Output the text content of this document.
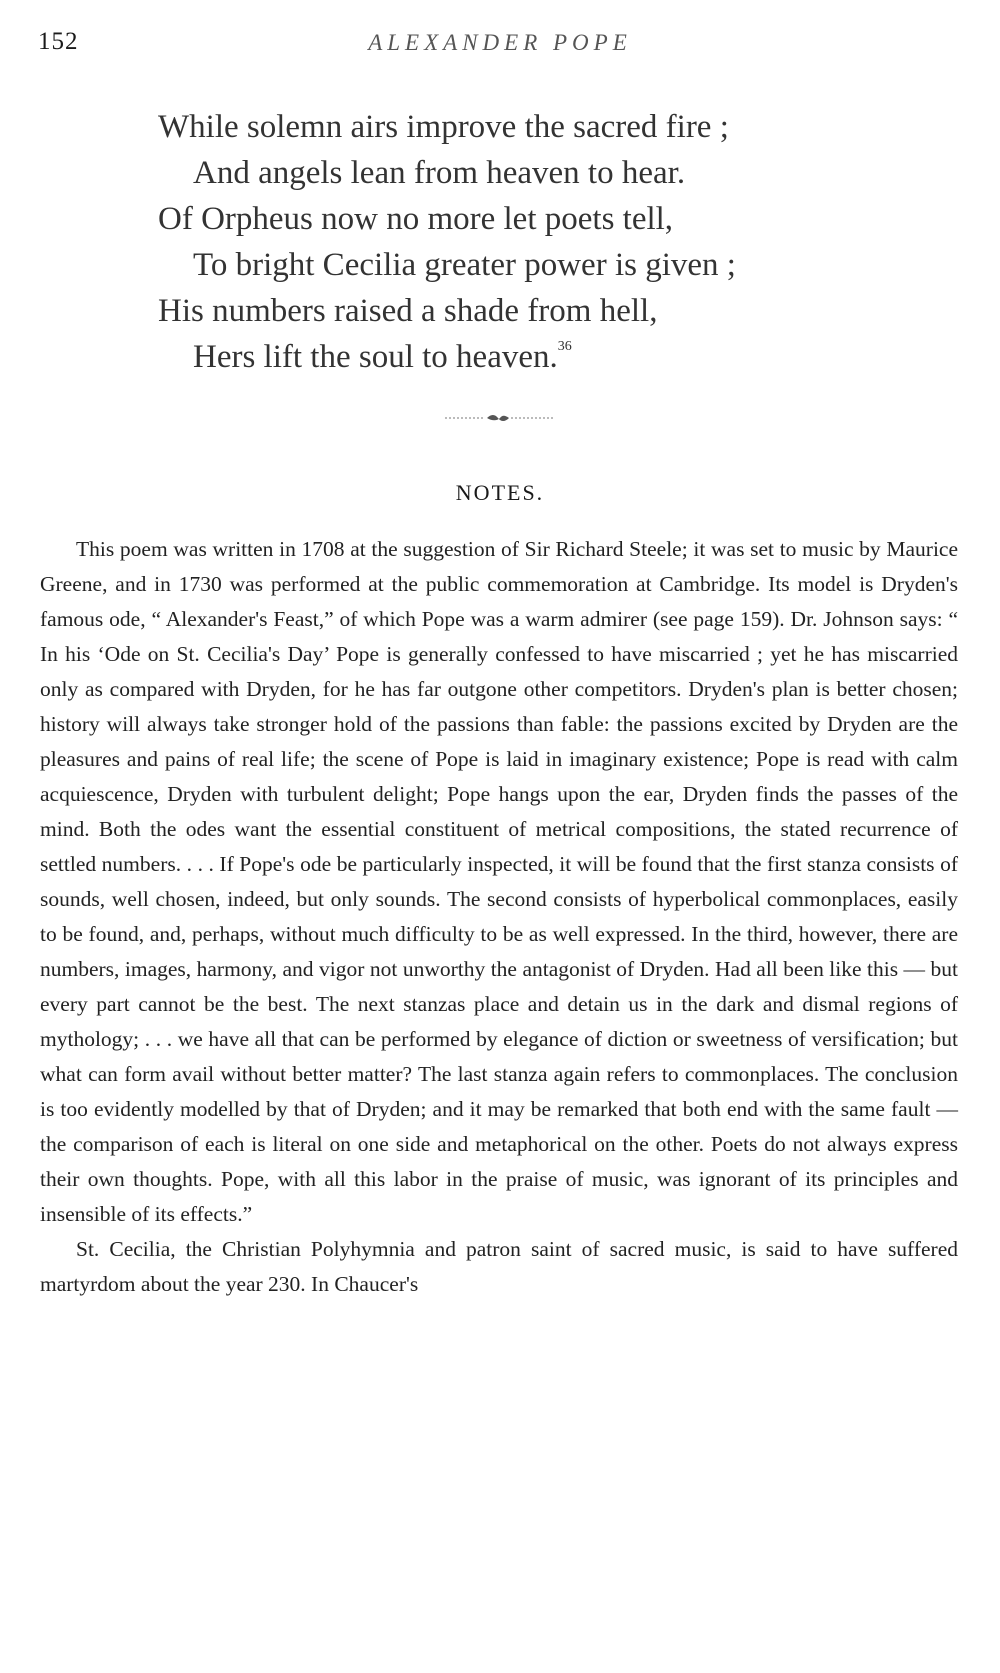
152	ALEXANDER POPE
While solemn airs improve the sacred fire ;
And angels lean from heaven to hear.
Of Orpheus now no more let poets tell,
To bright Cecilia greater power is given ;
His numbers raised a shade from hell,
Hers lift the soul to heaven.$^{36}$
NOTES.

This poem was written in 1708 at the suggestion of Sir Richard Steele; it was set to music by Maurice Greene, and in 1730 was performed at the public commemoration at Cambridge. Its model is Dryden's famous ode, “ Alexander's Feast,” of which Pope was a warm admirer (see page 159). Dr. Johnson says: “ In his ‘Ode on St. Cecilia's Day’ Pope is generally confessed to have miscarried ; yet he has miscarried only as compared with Dryden, for he has far outgone other competitors. Dryden's plan is better chosen; history will always take stronger hold of the passions than fable: the passions excited by Dryden are the pleasures and pains of real life; the scene of Pope is laid in imaginary existence; Pope is read with calm acquiescence, Dryden with turbulent delight; Pope hangs upon the ear, Dryden finds the passes of the mind. Both the odes want the essential constituent of metrical compositions, the stated recurrence of settled numbers. . . . If Pope's ode be particularly inspected, it will be found that the first stanza consists of sounds, well chosen, indeed, but only sounds. The second consists of hyperbolical commonplaces, easily to be found, and, perhaps, without much difficulty to be as well expressed. In the third, however, there are numbers, images, harmony, and vigor not unworthy the antagonist of Dryden. Had all been like this — but every part cannot be the best. The next stanzas place and detain us in the dark and dismal regions of mythology; . . . we have all that can be performed by elegance of diction or sweetness of versification; but what can form avail without better matter? The last stanza again refers to commonplaces. The conclusion is too evidently modelled by that of Dryden; and it may be remarked that both end with the same fault — the comparison of each is literal on one side and metaphorical on the other. Poets do not always express their own thoughts. Pope, with all this labor in the praise of music, was ignorant of its principles and insensible of its effects.”

St. Cecilia, the Christian Polyhymnia and patron saint of sacred music, is said to have suffered martyrdom about the year 230. In Chaucer's
